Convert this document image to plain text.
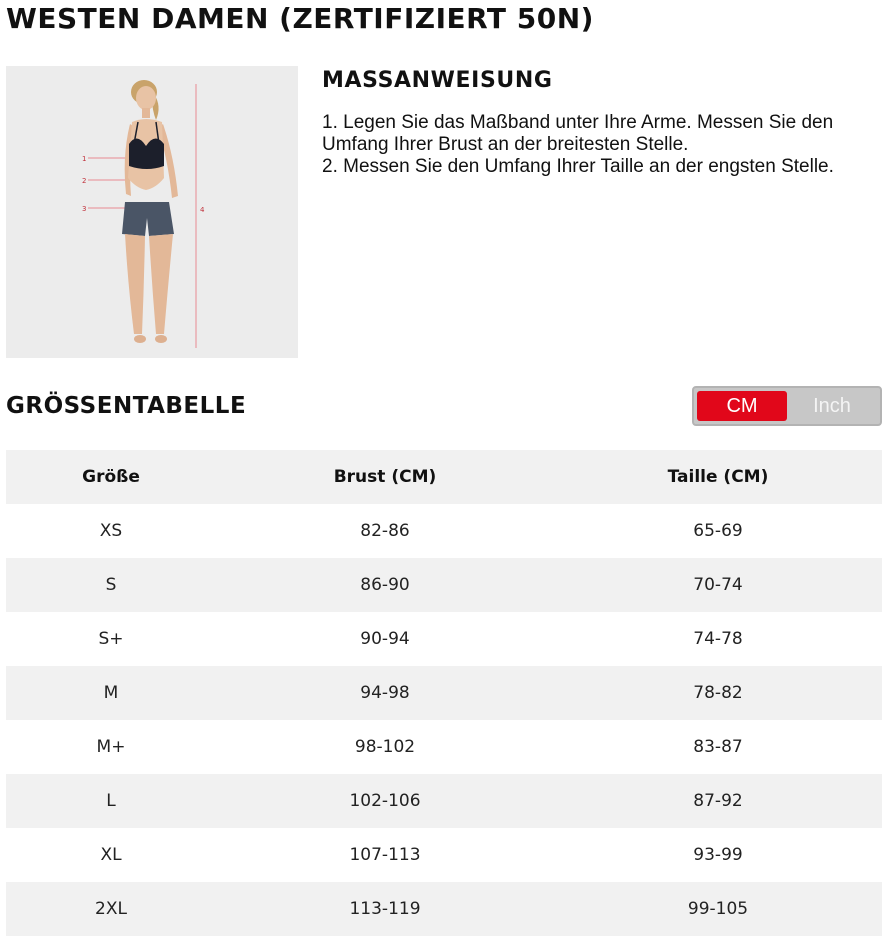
WESTEN DAMEN (ZERTIFIZIERT 50N)
1
2
3	4
MASSANWEISUNG

1. Legen Sie das Maßband unter Ihre Arme. Messen Sie den Umfang Ihrer Brust an der breitesten Stelle.

2. Messen Sie den Umfang Ihrer Taille an der engsten Stelle.

GRÖSSENTABELLE	CM	Inch
Größe	Brust (CM)	Taille (CM)
XS	82-86	65-69
S	86-90	70-74
S+	90-94	74-78
M	94-98	78-82
M+	98-102	83-87
L	102-106	87-92
XL	107-113	93-99
2XL	113-119	99-105
